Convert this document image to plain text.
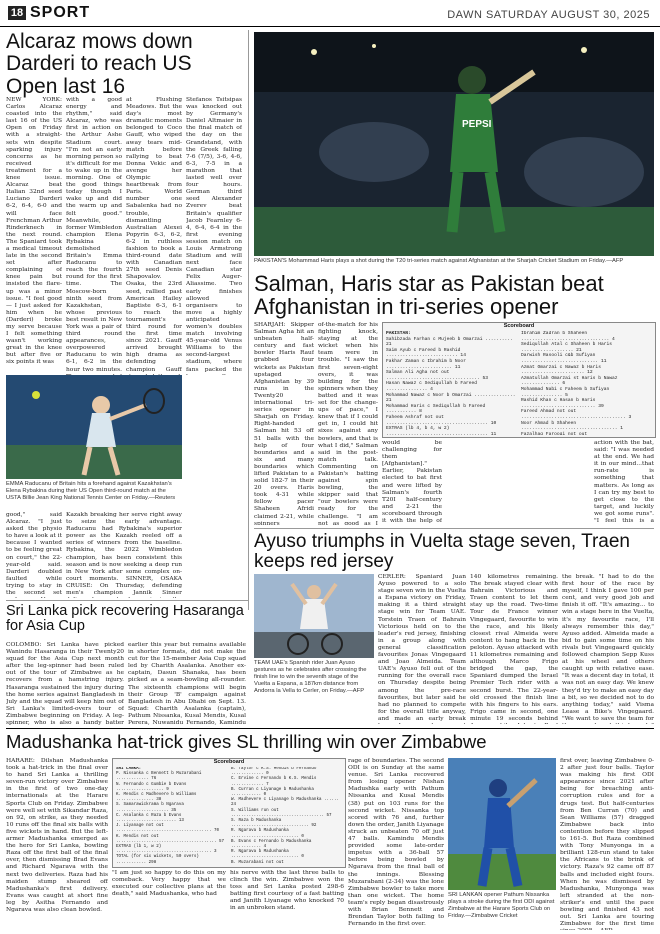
18 SPORT	DAWN SATURDAY AUGUST 30, 2025
Alcaraz mows down Darderi to reach US Open last 16
NEW YORK: Carlos Alcaraz coasted into the last 16 of the US Open on Friday with a straight-sets win despite sparking injury concerns as he received treatment for a knee issue. Alcaraz beat Italian 32nd seed Luciano Darderi 6-2, 6-4, 6-0 and will face Frenchman Arthur Rinderknech in the next round. The Spaniard took a medical timeout late in the second set after complaining of knee pain but insisted the flare-up was a minor issue. "I feel good — I just asked for him when he (Darderi) broke my serve because I felt something wasn't working great in the knee but after five or six points it was
with a good energy and rhythm," said Alcaraz, who was first in action on the Arthur Ashe Stadium court. "I'm not an early morning person so it's difficult for me to wake up in the morning. One of the good things today though I wake up and did the warm up and felt good." Meanwhile, former Wimbledon champion Elena Rybakina demolished Britain's Emma Raducanu to reach the fourth round for the first time. The Moscow-born ninth seed from Kazakhstan, whose previous best result in New York was a pair of third round appearances, overpowered Raducanu to win 6-1, 6-2 in the hour two minutes.
at Flushing Meadows. But the day's most dramatic moments belonged to Coco Gauff, who wiped away tears mid-match before rallying to beat Donna Vekic and avenge her Olympic heartbreak from Paris. World number one Sabalenka had no trouble, dismantling Australian Alexei Popyrin 6-3, 6-2, 6-2 in ruthless fashion to book a third-round date with Canadian 27th seed Denis Shapovalov. Osaka, the 23rd seed, rallied past American Hailey Baptiste 6-3, 6-1 to reach the tournament's third round for the first time since 2021. Gauff arrived brought high drama as defending champion Gauff
Stefanos Tsitsipas was knocked out by Germany's Daniel Altmaier in the final match of the day on the Grandstand, with the Greek falling 7-6 (7/5), 3-6, 4-6, 6-3, 7-5 in a marathon that lasted well over four hours. German third seed Alexander Zverev beat Britain's qualifier Jacob Fearnley 6-4, 6-4, 6-4 in the first evening session match on Louis Armstrong Stadium and will next face Canadian star Felix Auger-Aliassime. Two early finishes allowed organisers to move a highly anticipated women's doubles match involving 45-year-old Venus Williams to the second-largest stadium, where fans packed the
EMMA Raducanu of Britain hits a forehand against Kazakhstan's Elena Rybakina during their US Open third-round match at the USTA Billie Jean King National Tennis Center on Friday.—Reuters
good," said Alcaraz. "I just asked the physio to have a look at it because I wanted to be feeling great on court," the 22-year-old said. Darderi doubled faulted while trying to stay in the second set
Kazakh breaking her serve right away to seize the early advantage. Raducanu had Rybakina's superior power as the Kazakh reeled off a series of winners from the baseline. Rybakina, the 2022 Wimbledon champion, has been consistent this season and is now seeking a deep run in New York after some complex on-court moments. SINNER, OSAKA CRUISE: On Thursday, defending men's champion Jannik Sinner
PEPSI
PAKISTAN'S Mohammad Haris plays a shot during the T20 tri-series match against Afghanistan at the Sharjah Cricket Stadium on Friday.—AFP
Salman, Haris star as Pakistan beat Afghanistan in tri-series opener
SHARJAH: Skipper Salman Agha hit an unbeaten half-century and fast bowler Haris Rauf grabbed four wickets as Pakistan upstaged Afghanistan by 39 runs in the Twenty20 international tri-series opener in Sharjah on Friday. Right-handed Salman hit 53 off 51 balls with the help of four boundaries and a six and many boundaries which lifted Pakistan to a solid 182-7 in their 20 overs. Haris took 4-31 while fellow pacer Shaheen Afridi claimed 2-21, while spinners
of-the-match for his fighting knock, staying at the wicket when his team were in trouble. "I saw the first seven-eight overs, it was building for the spinners when they batted and it was set for the change-ups of pace," I knew that if I could get in, I could hit sixes against any bowlers, and that is what I did," Salman said in the post-match talk. Commenting on Pakistan's batting against spin bowling, the skipper said that "our bowlers were ready for the challenge. "I am not as good as I
would be challenging for them [Afghanistan]." Earlier, Pakistan elected to bat first and were lifted by Salman's fourth T20I half-century and 2-21 the scoreboard through it with the help of
action with the bat, said: "I was needed at the end. We had it in our mind...that run-rate is something that matters. As long as I can try my best to get close to the target, and luckily we got some runs". "I feel this is a
Scoreboard
PAKISTAN:
Sahibzada Farhan c Mujeeb b Omarzai .......... 21
Saim Ayub c Fareed b Rashid .......................... 14
Fakhar Zaman c Ibrahim b Noor ........................ 11
Salman Ali Agha not out .................................. 53
Hasan Nawaz c Sediqullah b Fareed ............... 4
Mohammad Nawaz c Noor b Omarzai ............... 21
Mohammad Haris c Sediqullah b Fareed ........... 8
Faheem Ashraf not out ..................................... 10
EXTRAS (lb 4, b 4, w 2) ..................................... 11
Ibrahim Zadran b Shaheen ................................ 4
Sediqullah Atal c Shaheen b Haris ................... 21
Darwish Rasooli c&b Sufiyan ............................ 11
Azmat Omarzai c Nawaz b Haris ....................... 12
Azmatullah Omarzai st Haris b Nawaz .............. 6
Mohammad Nabi c Faheem b Sufiyan ............... 5
Rashid Khan c Hasan b Haris ........................... 39
Fareed Ahmad not out ...................................... 3
Noor Ahmad b Shaheen ................................... 1
Fazalhaq Farooqi not out
Ayuso triumphs in Vuelta stage seven, Traen keeps red jersey
TEAM UAE's Spanish rider Juan Ayuso gestures as he celebrates after crossing the finish line to win the seventh stage of the Vuelta a Espana, a 187km distance from Andorra la Vella to Cerler, on Friday.—AFP
CERLER: Spaniard Juan Ayuso powered to a solo stage seven win in the Vuelta a Espana victory on Friday, making it a third straight stage win for Team UAE. Torstein Traen of Bahrain Victorious held on to the leader's red jersey, finishing in a group along with general classification favourites Jonas Vingegaard and Joao Almeida. Team UAE's Ayuso fell out of the running for the overall race on Thursday despite being among the pre-race favourites, but later said he had no planned to compete for the overall title anyway, and made an early break
140 kilometres remaining. The break stayed clear with Bahrain Victorious and Traen content to let them stay up the road. Two-time Tour de France winner Vingegaard, favourite to win the race, and his likely closest rival Almeida were content to hang back in the peloton. Ayuso attacked with 11 kilometres remaining and although Marco Frigo bridged the gap, the Spaniard dumped the Israel Premier Tech rider with a second burst. The 22-year-old crossed the finish line with his fingers to his ears. Frigo came in second, one minute 19 seconds behind
the break. "I had to do the first hour of the race by myself, I think I gave 100 per cent, and very good job and finish it off. "It's amazing... to win a stage here in the Vuelta, it's my favourite race, I'll always remember this day," Ayuso added. Almeida made a bid to gain some time on his rivals but Vingegaard quickly followed champion Sepp Kuss at his wheel and others caught up with relative ease. "It was a decent day in total, it was not an easy day. We knew they'd try to make an easy day a bit, so we decided not to do anything today," said Visma Lease a Bike's Vingegaard. "We want to save the team for
Sri Lanka pick recovering Hasaranga for Asia Cup
COLOMBO: Sri Lanka have picked Wanindu Hasaranga in their Twenty20 squad for the Asia Cup next month after the leg-spinner had been ruled out of the tour of Zimbabwe as he recovers from a hamstring injury. Hasaranga sustained the injury during the home series against Bangladesh in July and the squad will keep him out of Sri Lanka's limited-overs tour of Zimbabwe beginning on Friday. A leg-spinner, who is also a handy batter
earlier this year but remains available in shorter formats, did not make the cut for the 15-member Asia Cup squad led by Charith Asalanka. Another ex-captain, Dasun Shanaka, has been picked as a seam-bowling all-rounder. The sixteenth champions will begin their Group 'B' campaign against Bangladesh in Abu Dhabi on Sept. 13. Squad: Charith Asalanka (captain), Pathum Nissanka, Kusal Mendis, Kusal Perera, Nuwanidu Fernando, Kamindu
Madushanka hat-trick gives SL thrilling win over Zimbabwe
HARARE: Dilshan Madushanka took a hat-trick in the final over to hand Sri Lanka a thrilling seven-run victory over Zimbabwe in the first of two one-day internationals at the Harare Sports Club on Friday. Zimbabwe were well set with Sikandar Raza, on 92, on strike, as they needed 10 runs off the final six balls with five wickets in hand. But the left-armer Madushanka emerged as the hero for Sri Lanka, bowling Raza off the first ball of the final over, then dismissing Brad Evans and Richard Ngarava with the next two deliveries. Raza had his maiden stump sheared off Madushanka's first delivery. Evans was caught at short fine leg by Asitha Fernando and Ngarava was also clean bowled.
Scoreboard
SRI LANKA:
P. Nissanka c Bennett b Muzarabani ............. 76
N. Fernando c Gumbie b Evans ................... 9
K. Mendis c Madhevere b Williams ............... 38
S. Samarawickrama b Ngarava ..................... 35
C. Asalanka c Raza b Evans ........................ 13
J. Liyanage not out ...................................... 70
K. Mendis not out ........................................ 57
EXTRAS (lb 1, w 2) ...................................... 3
TOTAL (for six wickets, 50 overs) ............ 298
B. Taylor c K.S. Mendis b Fernando ............. 0
C. Ervine c Fernando b K.S. Mendis ............. 7
B. Curran c Liyanage b Madushanka ............ 0
W. Madhevere c Liyanage b Madushanka ...... 24
S. Williams run out ..................................... 57
S. Raza b Madushanka ............................... 92
R. Ngarava b Madushanka ........................... 0
B. Evans c Fernando b Madushanka ............ 4
R. Ngarava b Madushanka ........................... 0
B. Muzarabani not out
"I am just so happy to do this on my comeback. Very happy that we executed our collective plans at the death," said Madushanka, who had
his nerve with the last three balls to clinch the win. Zimbabwe won the toss and Sri Lanka posted 298-6 batting first courtesy of a fast batting and Janith Liyanage who knocked 70 in an unbroken stand.
rage of boundaries. The second ODI is on Sunday at the same venue. Sri Lanka recovered from losing opener Nishan Madushka early with Pathum Nissanka and Kusal Mendis (38) put on 103 runs for the second wicket. Nissanka top scored with 76 and, further down the order, Janith Liyanage struck an unbeaten 70 off just 47 balls. Kamindu Mendis provided some late-order impetus with a 36-ball 57 before being bowled by Ngarava from the final ball of the innings. Blessing Muzarabani (2-34) was the lone Zimbabwe bowler to take more than one wicket. The home team's reply began disastrously with Brian Bennett and Brendan Taylor both falling to Fernando in the first over.
SRI LANKAN opener Pathum Nissanka plays a stroke during the first ODI against Zimbabwe at the Harare Sports Club on Friday.—Zimbabwe Cricket
first over, leaving Zimbabwe 0-2 after just four balls. Taylor was making his first ODI appearance since 2021 after being for breaching anti-corruption rules and for a drugs test. But half-centuries from Ben Curran (70) and Sean Williams (57) dragged Zimbabwe back into contention before they slipped to 161-5. But Raza combined with Tony Munyonga in a brilliant 128-run stand to take the Africans to the brink of victory. Raza's 92 came off 87 balls and included eight fours. When he was dismissed by Madushanka, Munyonga was left stranded at the non-striker's end until the pace bowling and finished 43 not out. Sri Lanka are touring Zimbabwe for the first time
